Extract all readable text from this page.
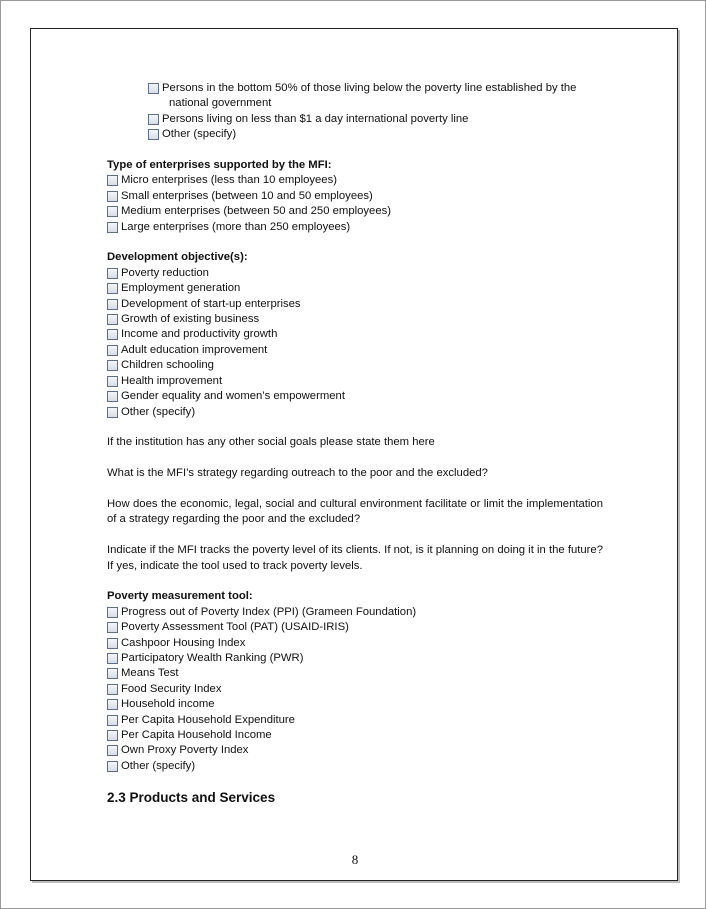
Persons in the bottom 50% of those living below the poverty line established by the
national government
Persons living on less than $1 a day international poverty line
Other (specify)
Type of enterprises supported by the MFI:
Micro enterprises (less than 10 employees)
Small enterprises (between 10 and 50 employees)
Medium enterprises (between 50 and 250 employees)
Large enterprises (more than 250 employees)
Development objective(s):
Poverty reduction
Employment generation
Development of start-up enterprises
Growth of existing business
Income and productivity growth
Adult education improvement
Children schooling
Health improvement
Gender equality and women’s empowerment
Other (specify)
If the institution has any other social goals please state them here
What is the MFI’s strategy regarding outreach to the poor and the excluded?
How does the economic, legal, social and cultural environment facilitate or limit the implementation of a strategy regarding the poor and the excluded?
Indicate if the MFI tracks the poverty level of its clients. If not, is it planning on doing it in the future? If yes, indicate the tool used to track poverty levels.
Poverty measurement tool:
Progress out of Poverty Index (PPI) (Grameen Foundation)
Poverty Assessment Tool (PAT) (USAID-IRIS)
Cashpoor Housing Index
Participatory Wealth Ranking (PWR)
Means Test
Food Security Index
Household income
Per Capita Household Expenditure
Per Capita Household Income
Own Proxy Poverty Index
Other (specify)
2.3 Products and Services
8
